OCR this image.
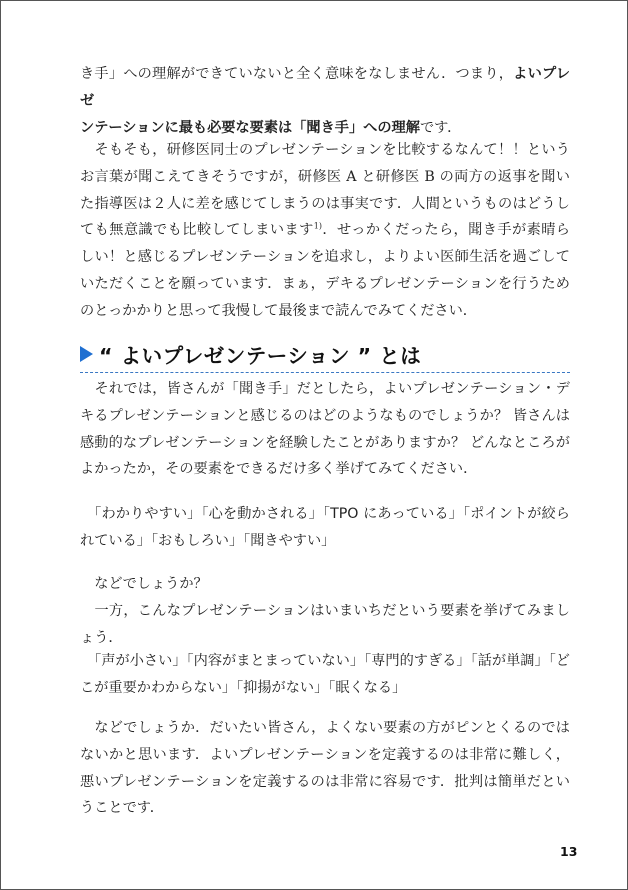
き手」への理解ができていないと全く意味をなしません．つまり，よいプレゼ
ンテーションに最も必要な要素は「聞き手」への理解です．

　そもそも，研修医同士のプレゼンテーションを比較するなんて！！というお言葉が聞こえてきそうですが，研修医 A と研修医 B の両方の返事を聞いた指導医は２人に差を感じてしまうのは事実です．人間というものはどうしても無意識でも比較してしまいます$^{1)}$．せっかくだったら，聞き手が素晴らしい！と感じるプレゼンテーションを追求し，よりよい医師生活を過ごしていただくことを願っています．まぁ，デキるプレゼンテーションを行うためのとっかかりと思って我慢して最後まで読んでみてください．

“ よいプレゼンテーション ” とは

　それでは，皆さんが「聞き手」だとしたら，よいプレゼンテーション・デキるプレゼンテーションと感じるのはどのようなものでしょうか？ 皆さんは感動的なプレゼンテーションを経験したことがありますか？ どんなところがよかったか，その要素をできるだけ多く挙げてみてください．

　「わかりやすい」「心を動かされる」「TPO にあっている」「ポイントが絞られている」「おもしろい」「聞きやすい」

　などでしょうか？
　一方，こんなプレゼンテーションはいまいちだという要素を挙げてみましょう．

　「声が小さい」「内容がまとまっていない」「専門的すぎる」「話が単調」「どこが重要かわからない」「抑揚がない」「眠くなる」

　などでしょうか．だいたい皆さん，よくない要素の方がピンとくるのではないかと思います．よいプレゼンテーションを定義するのは非常に難しく，悪いプレゼンテーションを定義するのは非常に容易です．批判は簡単だということです．

13
